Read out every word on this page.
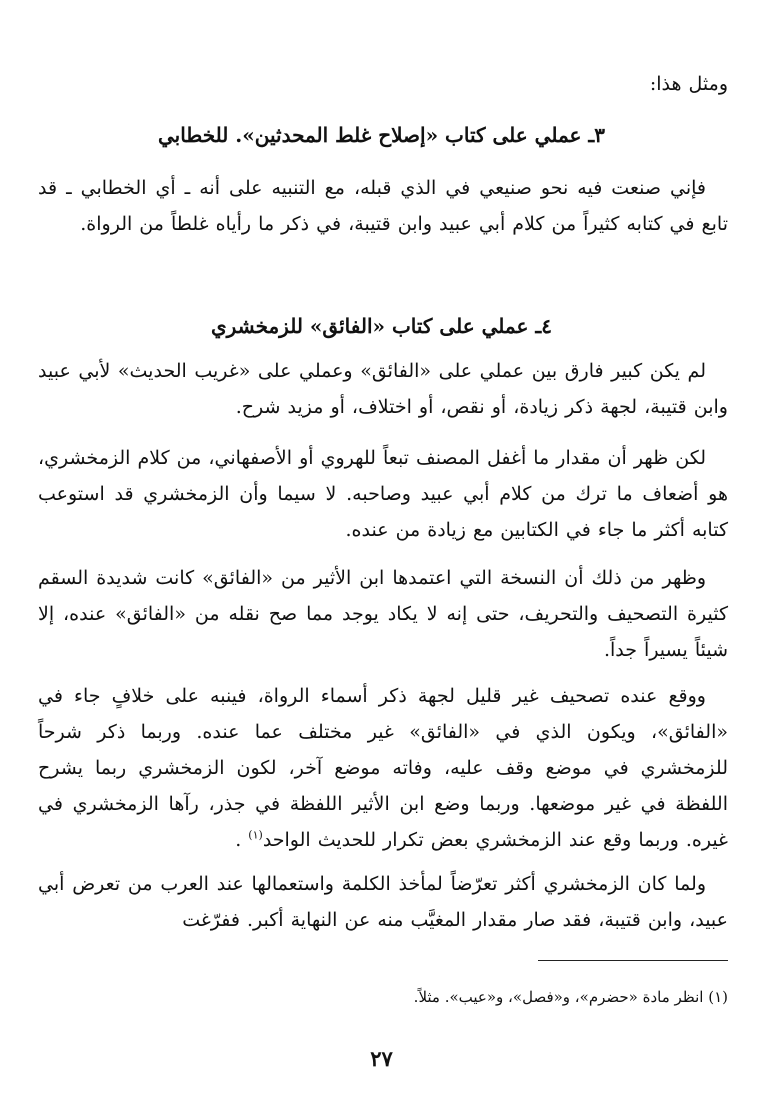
ومثل هذا:

٣ـ عملي على كتاب «إصلاح غلط المحدثين». للخطابي

فإني صنعت فيه نحو صنيعي في الذي قبله، مع التنبيه على أنه ـ أي الخطابي ـ قد تابع في كتابه كثيراً من كلام أبي عبيد وابن قتيبة، في ذكر ما رأياه غلطاً من الرواة.

٤ـ عملي على كتاب «الفائق» للزمخشري

لم يكن كبير فارق بين عملي على «الفائق» وعملي على «غريب الحديث» لأبي عبيد وابن قتيبة، لجهة ذكر زيادة، أو نقص، أو اختلاف، أو مزيد شرح.

لكن ظهر أن مقدار ما أغفل المصنف تبعاً للهروي أو الأصفهاني، من كلام الزمخشري، هو أضعاف ما ترك من كلام أبي عبيد وصاحبه. لا سيما وأن الزمخشري قد استوعب كتابه أكثر ما جاء في الكتابين مع زيادة من عنده.

وظهر من ذلك أن النسخة التي اعتمدها ابن الأثير من «الفائق» كانت شديدة السقم كثيرة التصحيف والتحريف، حتى إنه لا يكاد يوجد مما صح نقله من «الفائق» عنده، إلا شيئاً يسيراً جداً.

ووقع عنده تصحيف غير قليل لجهة ذكر أسماء الرواة، فينبه على خلافٍ جاء في «الفائق»، ويكون الذي في «الفائق» غير مختلف عما عنده. وربما ذكر شرحاً للزمخشري في موضع وقف عليه، وفاته موضع آخر، لكون الزمخشري ربما يشرح اللفظة في غير موضعها. وربما وضع ابن الأثير اللفظة في جذر، رآها الزمخشري في غيره. وربما وقع عند الزمخشري بعض تكرار للحديث الواحد$^{(١)}$ .

ولما كان الزمخشري أكثر تعرّضاً لمأخذ الكلمة واستعمالها عند العرب من تعرض أبي عبيد، وابن قتيبة، فقد صار مقدار المغيَّب منه عن النهاية أكبر. ففرّغت

(١) انظر مادة «حضرم»، و«فصل»، و«عيب». مثلاً.
٢٧
